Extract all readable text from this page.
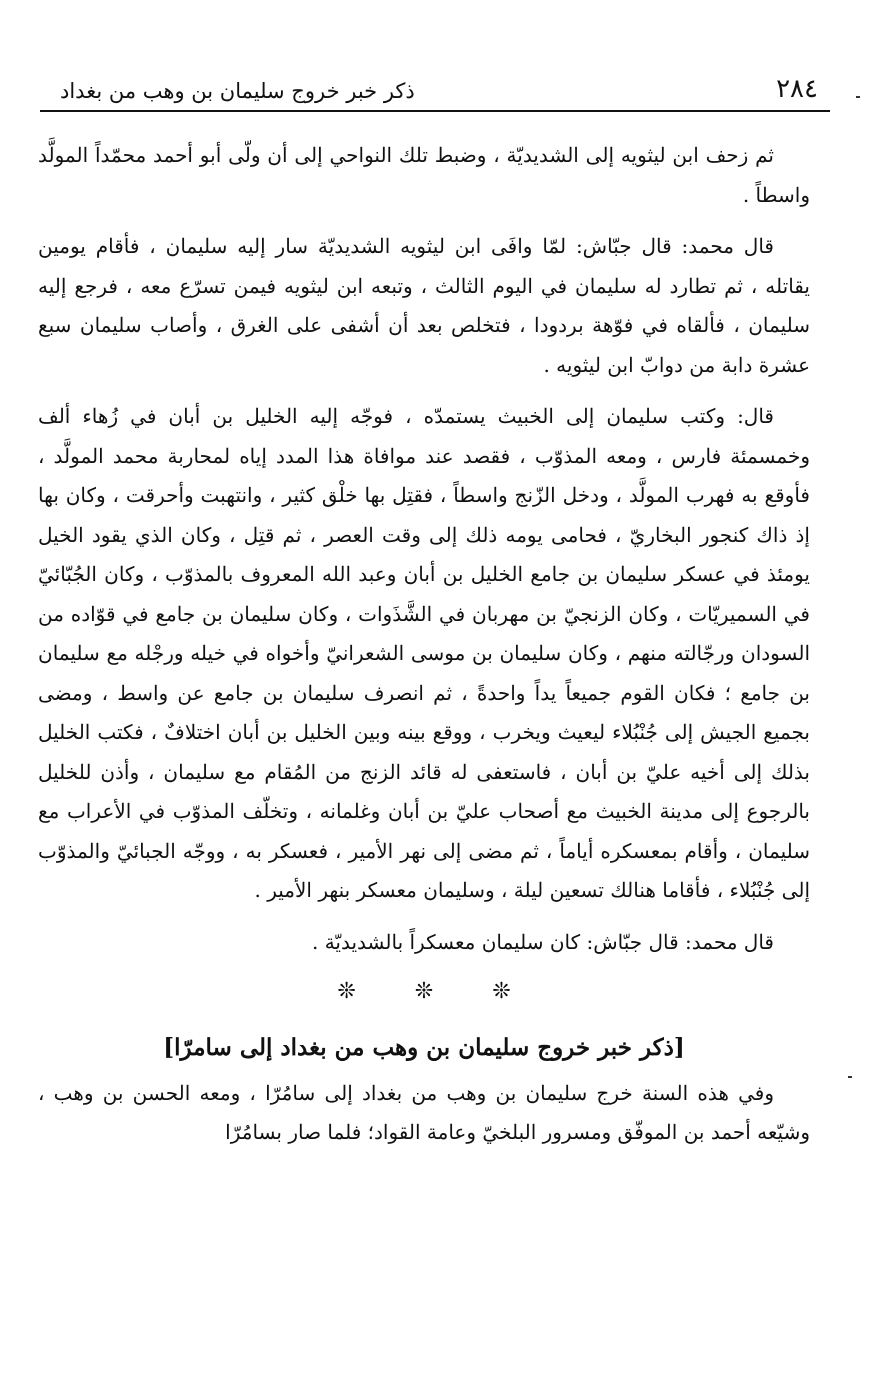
٢٨٤
ذكر خبر خروج سليمان بن وهب من بغداد

ثم زحف ابن ليثويه إلى الشديديّة ، وضبط تلك النواحي إلى أن ولّى أبو أحمد محمّداً المولَّد واسطاً .

قال محمد: قال جبّاش: لمّا وافَى ابن ليثويه الشديديّة سار إليه سليمان ، فأقام يومين يقاتله ، ثم تطارد له سليمان في اليوم الثالث ، وتبعه ابن ليثويه فيمن تسرّع معه ، فرجع إليه سليمان ، فألقاه في فوّهة بردودا ، فتخلص بعد أن أشفى على الغرق ، وأصاب سليمان سبع عشرة دابة من دوابّ ابن ليثويه .

قال: وكتب سليمان إلى الخبيث يستمدّه ، فوجّه إليه الخليل بن أبان في زُهاء ألف وخمسمئة فارس ، ومعه المذوّب ، فقصد عند موافاة هذا المدد إياه لمحاربة محمد المولَّد ، فأوقع به فهرب المولَّد ، ودخل الزّنج واسطاً ، فقتِل بها خلْق كثير ، وانتهبت وأحرقت ، وكان بها إذ ذاك كنجور البخاريّ ، فحامى يومه ذلك إلى وقت العصر ، ثم قتِل ، وكان الذي يقود الخيل يومئذ في عسكر سليمان بن جامع الخليل بن أبان وعبد الله المعروف بالمذوّب ، وكان الجُبّائيّ في السميريّات ، وكان الزنجيّ بن مهربان في الشَّذَوات ، وكان سليمان بن جامع في قوّاده من السودان ورجّالته منهم ، وكان سليمان بن موسى الشعرانيّ وأخواه في خيله ورجْله مع سليمان بن جامع ؛ فكان القوم جميعاً يداً واحدةً ، ثم انصرف سليمان بن جامع عن واسط ، ومضى بجميع الجيش إلى جُنْبُلاء ليعيث ويخرب ، ووقع بينه وبين الخليل بن أبان اختلافٌ ، فكتب الخليل بذلك إلى أخيه عليّ بن أبان ، فاستعفى له قائد الزنج من المُقام مع سليمان ، وأذن للخليل بالرجوع إلى مدينة الخبيث مع أصحاب عليّ بن أبان وغلمانه ، وتخلّف المذوّب في الأعراب مع سليمان ، وأقام بمعسكره أياماً ، ثم مضى إلى نهر الأمير ، فعسكر به ، ووجّه الجبائيّ والمذوّب إلى جُنْبُلاء ، فأقاما هنالك تسعين ليلة ، وسليمان معسكر بنهر الأمير .

قال محمد: قال جبّاش: كان سليمان معسكراً بالشديديّة .

❊ ❊ ❊
[ذكر خبر خروج سليمان بن وهب من بغداد إلى سامرّا]

وفي هذه السنة خرج سليمان بن وهب من بغداد إلى سامُرّا ، ومعه الحسن بن وهب ، وشيّعه أحمد بن الموفّق ومسرور البلخيّ وعامة القواد؛ فلما صار بسامُرّا
